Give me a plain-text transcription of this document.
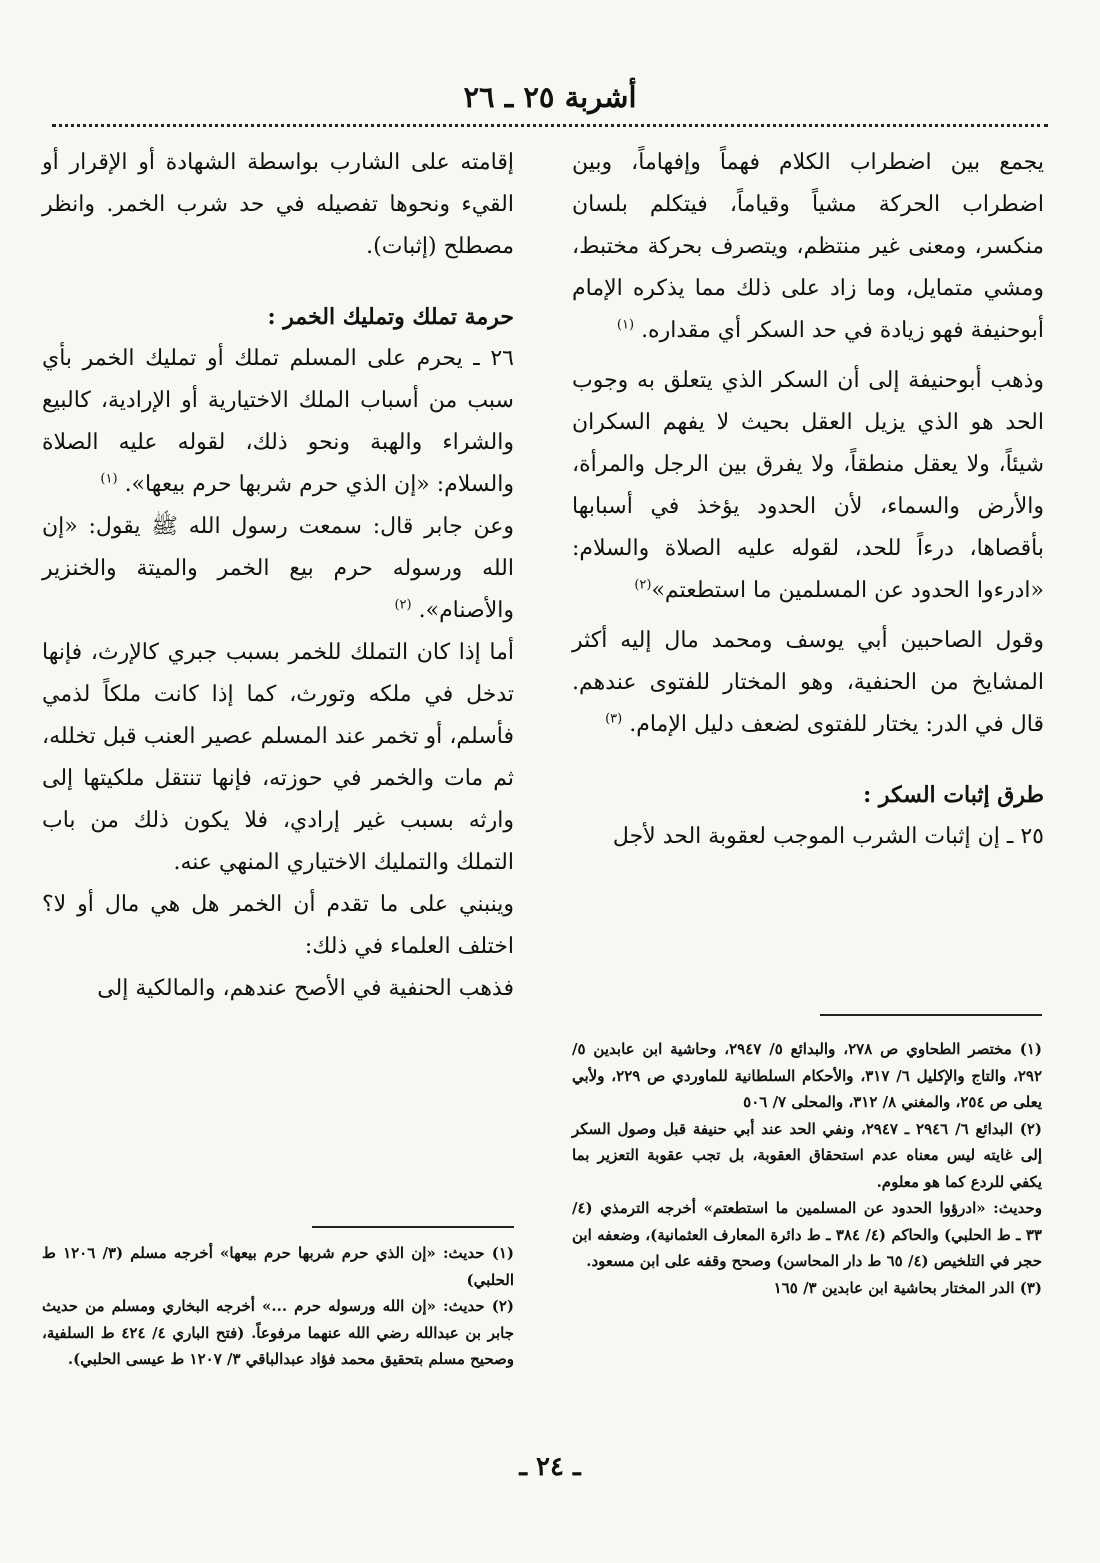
أشربة ٢٥ ـ ٢٦

يجمع بين اضطراب الكلام فهماً وإفهاماً، وبين اضطراب الحركة مشياً وقياماً، فيتكلم بلسان منكسر، ومعنى غير منتظم، ويتصرف بحركة مختبط، ومشي متمايل، وما زاد على ذلك مما يذكره الإمام أبوحنيفة فهو زيادة في حد السكر أي مقداره. $^{(١)}$

وذهب أبوحنيفة إلى أن السكر الذي يتعلق به وجوب الحد هو الذي يزيل العقل بحيث لا يفهم السكران شيئاً، ولا يعقل منطقاً، ولا يفرق بين الرجل والمرأة، والأرض والسماء، لأن الحدود يؤخذ في أسبابها بأقصاها، درءاً للحد، لقوله عليه الصلاة والسلام: «ادرءوا الحدود عن المسلمين ما استطعتم»$^{(٢)}$

وقول الصاحبين أبي يوسف ومحمد مال إليه أكثر المشايخ من الحنفية، وهو المختار للفتوى عندهم. قال في الدر: يختار للفتوى لضعف دليل الإمام. $^{(٣)}$

طرق إثبات السكر :

٢٥ ـ إن إثبات الشرب الموجب لعقوبة الحد لأجل

إقامته على الشارب بواسطة الشهادة أو الإقرار أو القيء ونحوها تفصيله في حد شرب الخمر. وانظر مصطلح (إثبات).

حرمة تملك وتمليك الخمر :

٢٦ ـ يحرم على المسلم تملك أو تمليك الخمر بأي سبب من أسباب الملك الاختيارية أو الإرادية، كالبيع والشراء والهبة ونحو ذلك، لقوله عليه الصلاة والسلام: «إن الذي حرم شربها حرم بيعها». $^{(١)}$

وعن جابر قال: سمعت رسول الله ﷺ يقول: «إن الله ورسوله حرم بيع الخمر والميتة والخنزير والأصنام». $^{(٢)}$

أما إذا كان التملك للخمر بسبب جبري كالإرث، فإنها تدخل في ملكه وتورث، كما إذا كانت ملكاً لذمي فأسلم، أو تخمر عند المسلم عصير العنب قبل تخلله، ثم مات والخمر في حوزته، فإنها تنتقل ملكيتها إلى وارثه بسبب غير إرادي، فلا يكون ذلك من باب التملك والتمليك الاختياري المنهي عنه.

وينبني على ما تقدم أن الخمر هل هي مال أو لا؟ اختلف العلماء في ذلك:

فذهب الحنفية في الأصح عندهم، والمالكية إلى

(١) مختصر الطحاوي ص ٢٧٨، والبدائع ٥/ ٢٩٤٧، وحاشية ابن عابدين ٥/ ٢٩٢، والتاج والإكليل ٦/ ٣١٧، والأحكام السلطانية للماوردي ص ٢٢٩، ولأبي يعلى ص ٢٥٤، والمغني ٨/ ٣١٢، والمحلى ٧/ ٥٠٦

(٢) البدائع ٦/ ٢٩٤٦ ـ ٢٩٤٧، ونفي الحد عند أبي حنيفة قبل وصول السكر إلى غايته ليس معناه عدم استحقاق العقوبة، بل تجب عقوبة التعزير بما يكفي للردع كما هو معلوم.

وحديث: «ادرؤوا الحدود عن المسلمين ما استطعتم» أخرجه الترمذي (٤/ ٣٣ ـ ط الحلبي) والحاكم (٤/ ٣٨٤ ـ ط دائرة المعارف العثمانية)، وضعفه ابن حجر في التلخيص (٤/ ٦٥ ط دار المحاسن) وصحح وقفه على ابن مسعود.

(٣) الدر المختار بحاشية ابن عابدين ٣/ ١٦٥

(١) حديث: «إن الذي حرم شربها حرم بيعها» أخرجه مسلم (٣/ ١٢٠٦ ط الحلبي)

(٢) حديث: «إن الله ورسوله حرم ...» أخرجه البخاري ومسلم من حديث جابر بن عبدالله رضي الله عنهما مرفوعاً. (فتح الباري ٤/ ٤٢٤ ط السلفية، وصحيح مسلم بتحقيق محمد فؤاد عبدالباقي ٣/ ١٢٠٧ ط عيسى الحلبي).

ـ ٢٤ ـ
